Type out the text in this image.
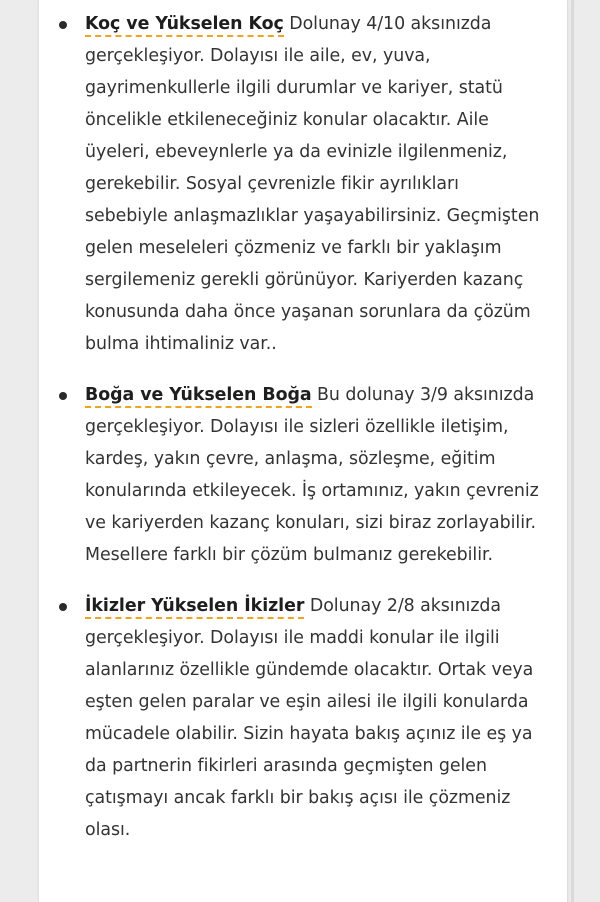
Koç ve Yükselen Koç Dolunay 4/10 aksınızda gerçekleşiyor. Dolayısı ile aile, ev, yuva, gayrimenkullerle ilgili durumlar ve kariyer, statü öncelikle etkileneceğiniz konular olacaktır. Aile üyeleri, ebeveynlerle ya da evinizle ilgilenmeniz, gerekebilir. Sosyal çevrenizle fikir ayrılıkları sebebiyle anlaşmazlıklar yaşayabilirsiniz. Geçmişten gelen meseleleri çözmeniz ve farklı bir yaklaşım sergilemeniz gerekli görünüyor. Kariyerden kazanç konusunda daha önce yaşanan sorunlara da çözüm bulma ihtimaliniz var..
Boğa ve Yükselen Boğa Bu dolunay 3/9 aksınızda gerçekleşiyor. Dolayısı ile sizleri özellikle iletişim, kardeş, yakın çevre, anlaşma, sözleşme, eğitim konularında etkileyecek. İş ortamınız, yakın çevreniz ve kariyerden kazanç konuları, sizi biraz zorlayabilir. Mesellere farklı bir çözüm bulmanız gerekebilir.
İkizler Yükselen İkizler Dolunay 2/8 aksınızda gerçekleşiyor. Dolayısı ile maddi konular ile ilgili alanlarınız özellikle gündemde olacaktır. Ortak veya eşten gelen paralar ve eşin ailesi ile ilgili konularda mücadele olabilir. Sizin hayata bakış açınız ile eş ya da partnerin fikirleri arasında geçmişten gelen çatışmayı ancak farklı bir bakış açısı ile çözmeniz olası.
